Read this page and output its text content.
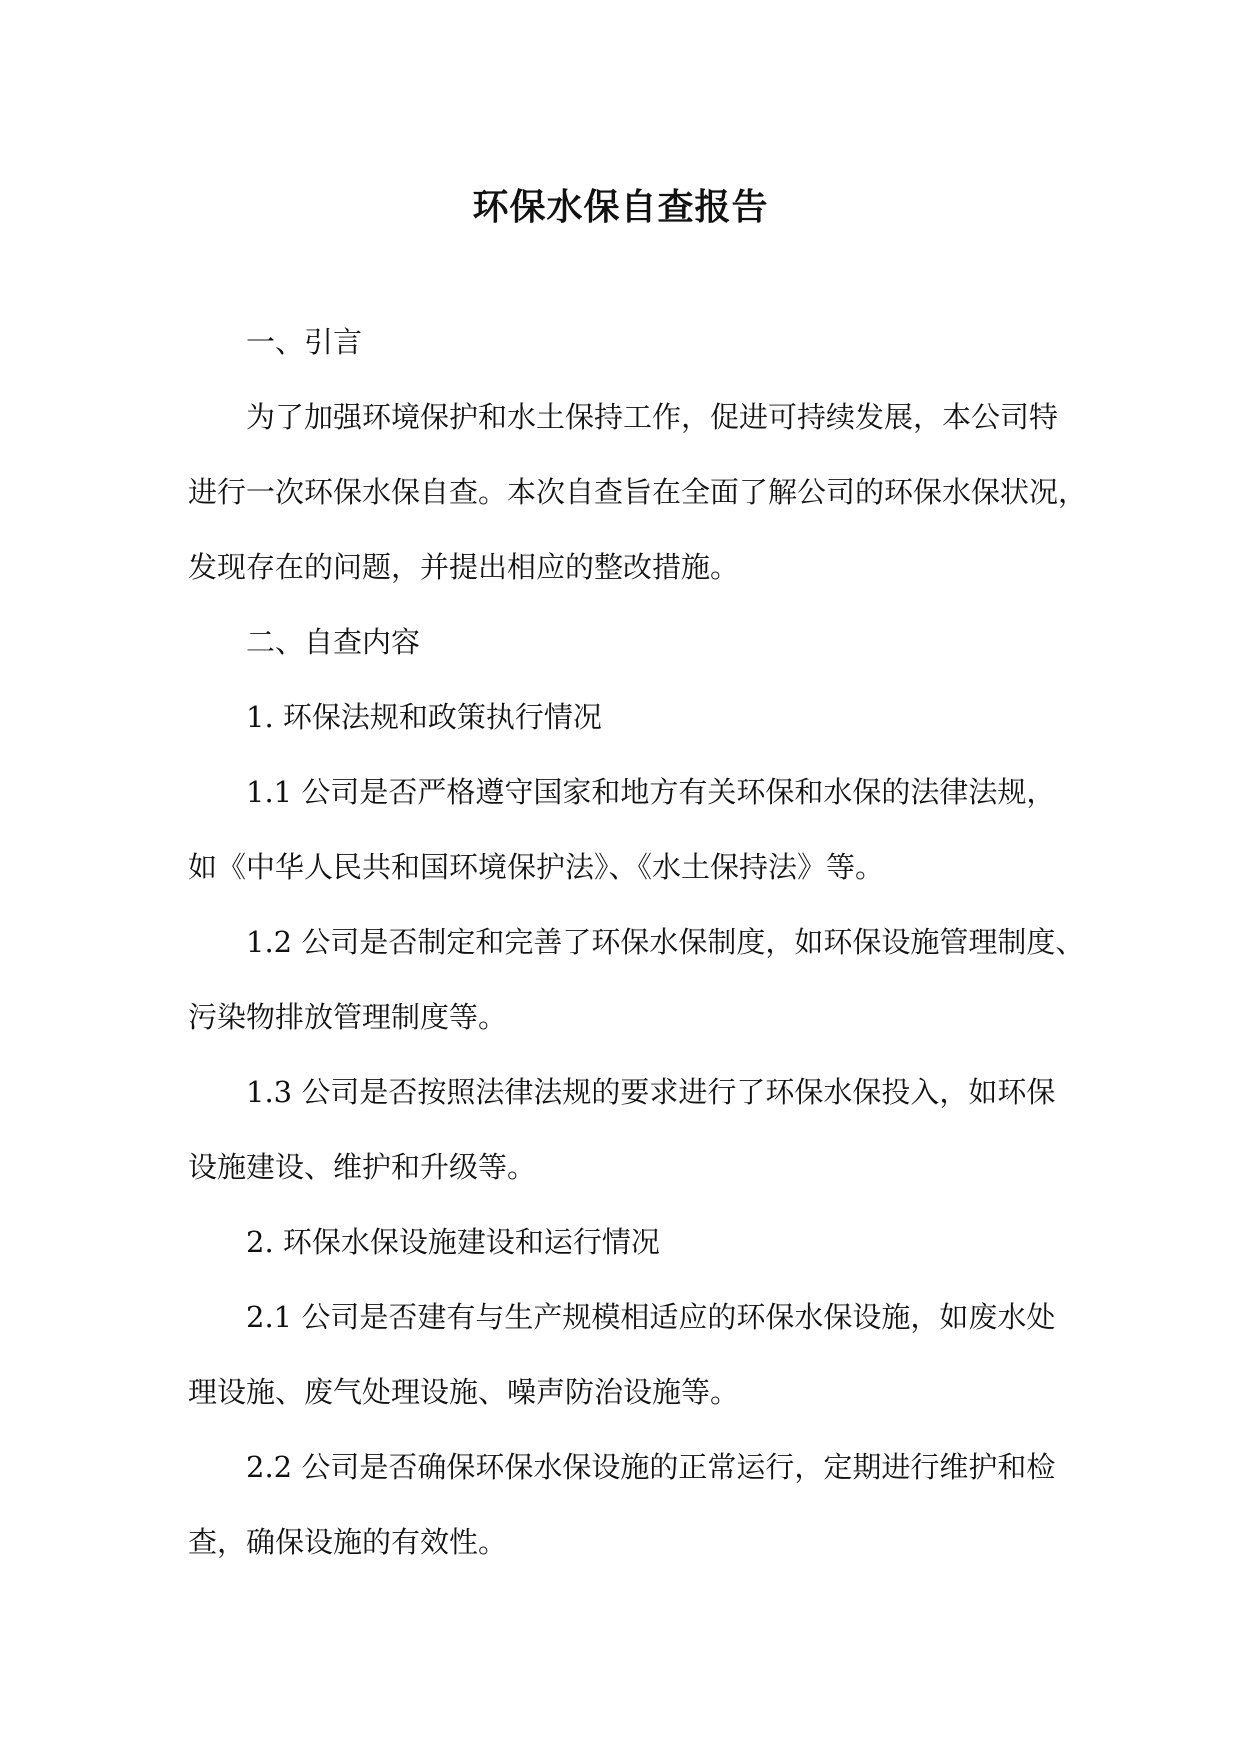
环保水保自查报告
一、引言
为了加强环境保护和水土保持工作，促进可持续发展，本公司特
进行一次环保水保自查。本次自查旨在全面了解公司的环保水保状况，
发现存在的问题，并提出相应的整改措施。
二、自查内容
1. 环保法规和政策执行情况
1.1 公司是否严格遵守国家和地方有关环保和水保的法律法规，
如《中华人民共和国环境保护法》、《水土保持法》等。
1.2 公司是否制定和完善了环保水保制度，如环保设施管理制度、
污染物排放管理制度等。
1.3 公司是否按照法律法规的要求进行了环保水保投入，如环保
设施建设、维护和升级等。
2. 环保水保设施建设和运行情况
2.1 公司是否建有与生产规模相适应的环保水保设施，如废水处
理设施、废气处理设施、噪声防治设施等。
2.2 公司是否确保环保水保设施的正常运行，定期进行维护和检
查，确保设施的有效性。
